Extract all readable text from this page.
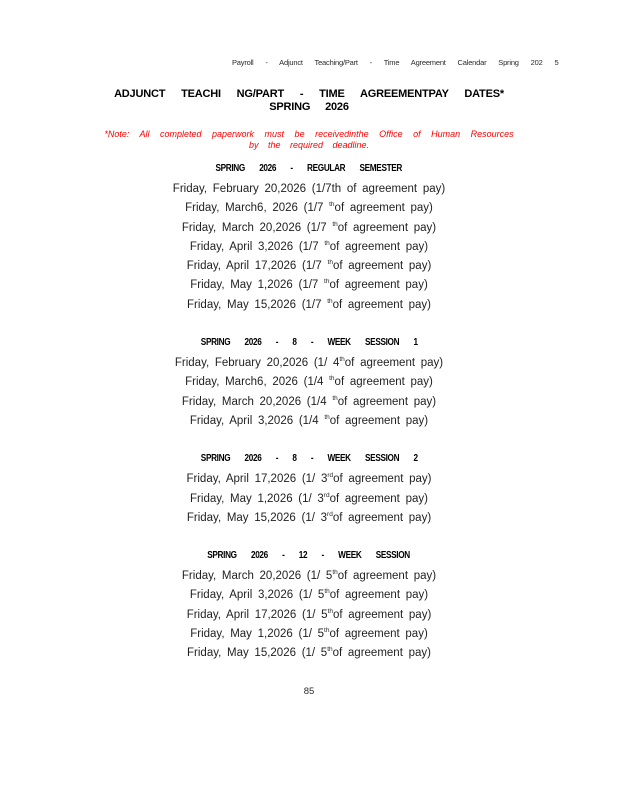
Payroll - Adjunct Teaching/Part - Time Agreement Calendar Spring 202 5
ADJUNCT TEACHI NG/PART - TIME AGREEMENTPAY DATES*
SPRING 2026
*Note: All completed paperwork must be receivedinthe Office of Human Resources
by the required deadline.
SPRING 2026 - REGULAR SEMESTER
Friday, February 20,2026 (1/7th of agreement pay)
Friday, March6, 2026 (1/7 $^{th}$of agreement pay)
Friday, March 20,2026 (1/7 $^{th}$of agreement pay)
Friday, April 3,2026 (1/7 $^{th}$of agreement pay)
Friday, April 17,2026 (1/7 $^{th}$of agreement pay)
Friday, May 1,2026 (1/7 $^{th}$of agreement pay)
Friday, May 15,2026 (1/7 $^{th}$of agreement pay)
SPRING 2026 - 8 - WEEK SESSION 1
Friday, February 20,2026 (1/ 4thof agreement pay)
Friday, March6, 2026 (1/4 $^{th}$of agreement pay)
Friday, March 20,2026 (1/4 $^{th}$of agreement pay)
Friday, April 3,2026 (1/4 $^{th}$of agreement pay)
SPRING 2026 - 8 - WEEK SESSION 2
Friday, April 17,2026 (1/ 3rdof agreement pay)
Friday, May 1,2026 (1/ 3rdof agreement pay)
Friday, May 15,2026 (1/ 3rdof agreement pay)
SPRING 2026 - 12 - WEEK SESSION
Friday, March 20,2026 (1/ 5thof agreement pay)
Friday, April 3,2026 (1/ 5thof agreement pay)
Friday, April 17,2026 (1/ 5thof agreement pay)
Friday, May 1,2026 (1/ 5thof agreement pay)
Friday, May 15,2026 (1/ 5thof agreement pay)
85
